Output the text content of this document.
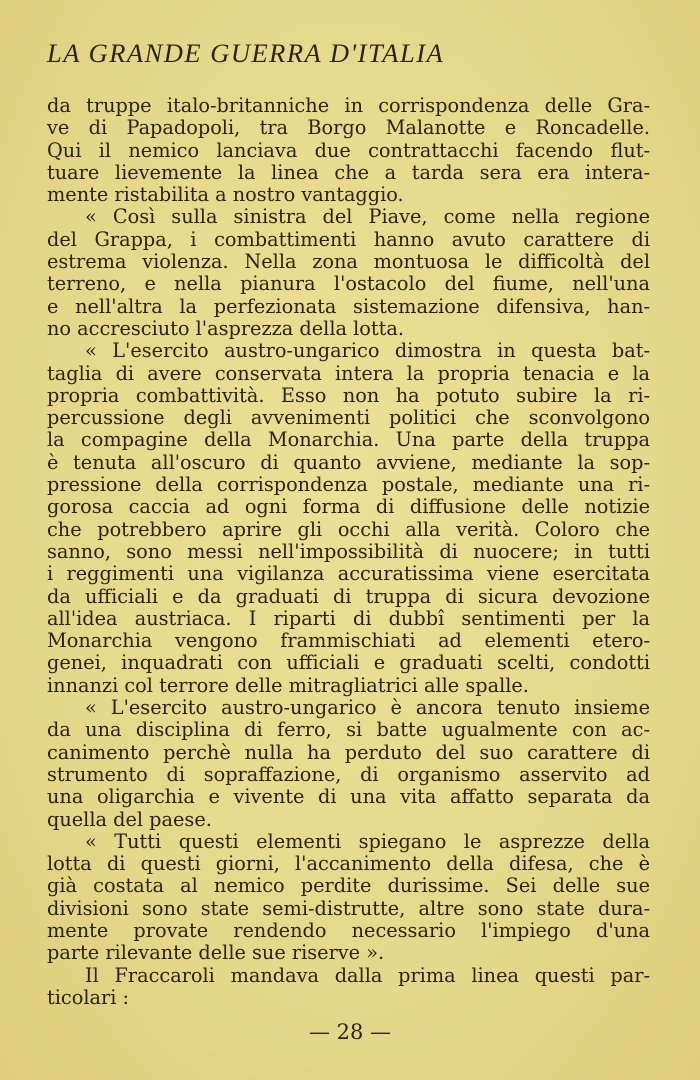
LA GRANDE GUERRA D'ITALIA
da truppe italo-britanniche in corrispondenza delle Gra-
ve di Papadopoli, tra Borgo Malanotte e Roncadelle.
Qui il nemico lanciava due contrattacchi facendo flut-
tuare lievemente la linea che a tarda sera era intera-
mente ristabilita a nostro vantaggio.
« Così sulla sinistra del Piave, come nella regione
del Grappa, i combattimenti hanno avuto carattere di
estrema violenza. Nella zona montuosa le difficoltà del
terreno, e nella pianura l'ostacolo del fiume, nell'una
e nell'altra la perfezionata sistemazione difensiva, han-
no accresciuto l'asprezza della lotta.
« L'esercito austro-ungarico dimostra in questa bat-
taglia di avere conservata intera la propria tenacia e la
propria combattività. Esso non ha potuto subire la ri-
percussione degli avvenimenti politici che sconvolgono
la compagine della Monarchia. Una parte della truppa
è tenuta all'oscuro di quanto avviene, mediante la sop-
pressione della corrispondenza postale, mediante una ri-
gorosa caccia ad ogni forma di diffusione delle notizie
che potrebbero aprire gli occhi alla verità. Coloro che
sanno, sono messi nell'impossibilità di nuocere; in tutti
i reggimenti una vigilanza accuratissima viene esercitata
da ufficiali e da graduati di truppa di sicura devozione
all'idea austriaca. I riparti di dubbî sentimenti per la
Monarchia vengono frammischiati ad elementi etero-
genei, inquadrati con ufficiali e graduati scelti, condotti
innanzi col terrore delle mitragliatrici alle spalle.
« L'esercito austro-ungarico è ancora tenuto insieme
da una disciplina di ferro, si batte ugualmente con ac-
canimento perchè nulla ha perduto del suo carattere di
strumento di sopraffazione, di organismo asservito ad
una oligarchia e vivente di una vita affatto separata da
quella del paese.
« Tutti questi elementi spiegano le asprezze della
lotta di questi giorni, l'accanimento della difesa, che è
già costata al nemico perdite durissime. Sei delle sue
divisioni sono state semi-distrutte, altre sono state dura-
mente provate rendendo necessario l'impiego d'una
parte rilevante delle sue riserve ».
Il Fraccaroli mandava dalla prima linea questi par-
ticolari :
— 28 —
